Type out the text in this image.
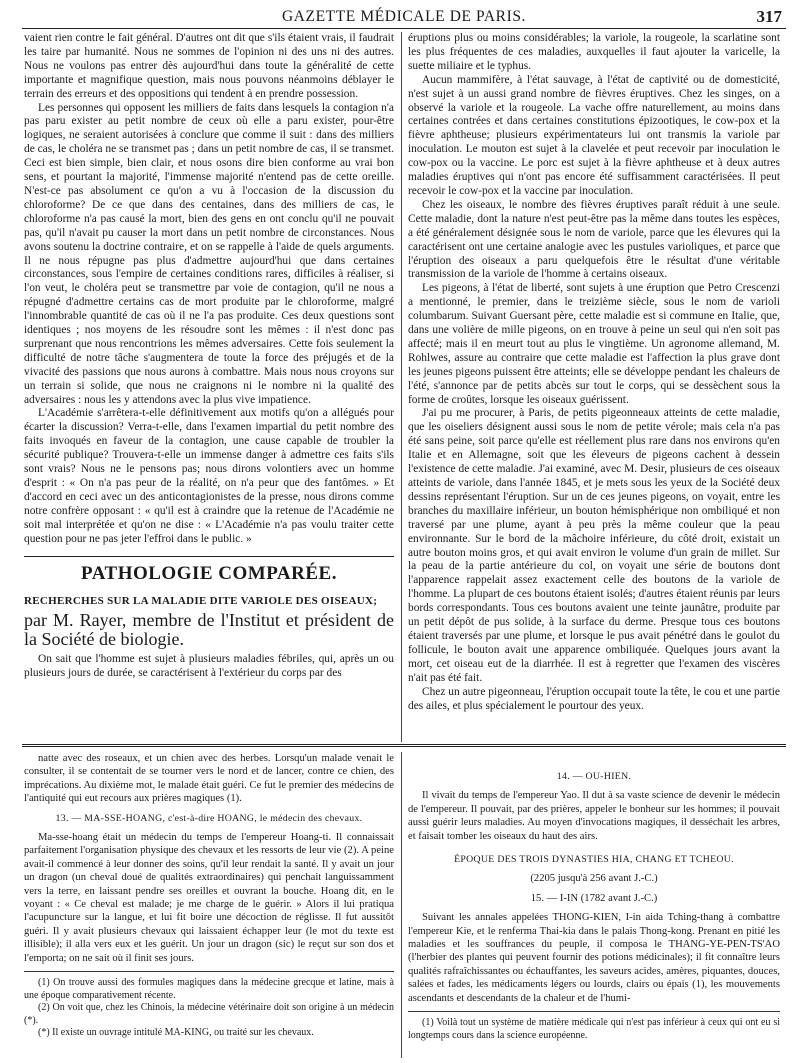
GAZETTE MÉDICALE DE PARIS.	317

vaient rien contre le fait général. D'autres ont dit que s'ils étaient vrais, il faudrait les taire par humanité. Nous ne sommes de l'opinion ni des uns ni des autres. Nous ne voulons pas entrer dès aujourd'hui dans toute la généralité de cette importante et magnifique question, mais nous pouvons néanmoins déblayer le terrain des erreurs et des oppositions qui tendent à en prendre possession.

Les personnes qui opposent les milliers de faits dans lesquels la contagion n'a pas paru exister au petit nombre de ceux où elle a paru exister, pour-être logiques, ne seraient autorisées à conclure que comme il suit : dans des milliers de cas, le choléra ne se transmet pas ; dans un petit nombre de cas, il se transmet. Ceci est bien simple, bien clair, et nous osons dire bien conforme au vrai bon sens, et pourtant la majorité, l'immense majorité n'entend pas de cette oreille. N'est-ce pas absolument ce qu'on a vu à l'occasion de la discussion du chloroforme? De ce que dans des centaines, dans des milliers de cas, le chloroforme n'a pas causé la mort, bien des gens en ont conclu qu'il ne pouvait pas, qu'il n'avait pu causer la mort dans un petit nombre de circonstances. Nous avons soutenu la doctrine contraire, et on se rappelle à l'aide de quels arguments. Il ne nous répugne pas plus d'admettre aujourd'hui que dans certaines circonstances, sous l'empire de certaines conditions rares, difficiles à réaliser, si l'on veut, le choléra peut se transmettre par voie de contagion, qu'il ne nous a répugné d'admettre certains cas de mort produite par le chloroforme, malgré l'innombrable quantité de cas où il ne l'a pas produite. Ces deux questions sont identiques ; nos moyens de les résoudre sont les mêmes : il n'est donc pas surprenant que nous rencontrions les mêmes adversaires. Cette fois seulement la difficulté de notre tâche s'augmentera de toute la force des préjugés et de la vivacité des passions que nous aurons à combattre. Mais nous nous croyons sur un terrain si solide, que nous ne craignons ni le nombre ni la qualité des adversaires : nous les y attendons avec la plus vive impatience.

L'Académie s'arrêtera-t-elle définitivement aux motifs qu'on a allégués pour écarter la discussion? Verra-t-elle, dans l'examen impartial du petit nombre des faits invoqués en faveur de la contagion, une cause capable de troubler la sécurité publique? Trouvera-t-elle un immense danger à admettre ces faits s'ils sont vrais? Nous ne le pensons pas; nous dirons volontiers avec un homme d'esprit : « On n'a pas peur de la réalité, on n'a peur que des fantômes. » Et d'accord en ceci avec un des anticontagionistes de la presse, nous dirons comme notre confrère opposant : « qu'il est à craindre que la retenue de l'Académie ne soit mal interprétée et qu'on ne dise : « L'Académie n'a pas voulu traiter cette question pour ne pas jeter l'effroi dans le public. »

PATHOLOGIE COMPARÉE.
RECHERCHES SUR LA MALADIE DITE VARIOLE DES OISEAUX;
par M. Rayer, membre de l'Institut et président de la Société de biologie.

On sait que l'homme est sujet à plusieurs maladies fébriles, qui, après un ou plusieurs jours de durée, se caractérisent à l'extérieur du corps par des

éruptions plus ou moins considérables; la variole, la rougeole, la scarlatine sont les plus fréquentes de ces maladies, auxquelles il faut ajouter la varicelle, la suette miliaire et le typhus.

Aucun mammifère, à l'état sauvage, à l'état de captivité ou de domesticité, n'est sujet à un aussi grand nombre de fièvres éruptives. Chez les singes, on a observé la variole et la rougeole. La vache offre naturellement, au moins dans certaines contrées et dans certaines constitutions épizootiques, le cow-pox et la fièvre aphtheuse; plusieurs expérimentateurs lui ont transmis la variole par inoculation. Le mouton est sujet à la clavelée et peut recevoir par inoculation le cow-pox ou la vaccine. Le porc est sujet à la fièvre aphtheuse et à deux autres maladies éruptives qui n'ont pas encore été suffisamment caractérisées. Il peut recevoir le cow-pox et la vaccine par inoculation.

Chez les oiseaux, le nombre des fièvres éruptives paraît réduit à une seule. Cette maladie, dont la nature n'est peut-être pas la même dans toutes les espèces, a été généralement désignée sous le nom de variole, parce que les élevures qui la caractérisent ont une certaine analogie avec les pustules varioliques, et parce que l'éruption des oiseaux a paru quelquefois être le résultat d'une véritable transmission de la variole de l'homme à certains oiseaux.

Les pigeons, à l'état de liberté, sont sujets à une éruption que Petro Crescenzi a mentionné, le premier, dans le treizième siècle, sous le nom de varioli columbarum. Suivant Guersant père, cette maladie est si commune en Italie, que, dans une volière de mille pigeons, on en trouve à peine un seul qui n'en soit pas affecté; mais il en meurt tout au plus le vingtième. Un agronome allemand, M. Rohlwes, assure au contraire que cette maladie est l'affection la plus grave dont les jeunes pigeons puissent être atteints; elle se développe pendant les chaleurs de l'été, s'annonce par de petits abcès sur tout le corps, qui se dessèchent sous la forme de croûtes, lorsque les oiseaux guérissent.

J'ai pu me procurer, à Paris, de petits pigeonneaux atteints de cette maladie, que les oiseliers désignent aussi sous le nom de petite vérole; mais cela n'a pas été sans peine, soit parce qu'elle est réellement plus rare dans nos environs qu'en Italie et en Allemagne, soit que les éleveurs de pigeons cachent à dessein l'existence de cette maladie. J'ai examiné, avec M. Desir, plusieurs de ces oiseaux atteints de variole, dans l'année 1845, et je mets sous les yeux de la Société deux dessins représentant l'éruption. Sur un de ces jeunes pigeons, on voyait, entre les branches du maxillaire inférieur, un bouton hémisphérique non ombiliqué et non traversé par une plume, ayant à peu près la même couleur que la peau environnante. Sur le bord de la mâchoire inférieure, du côté droit, existait un autre bouton moins gros, et qui avait environ le volume d'un grain de millet. Sur la peau de la partie antérieure du col, on voyait une série de boutons dont l'apparence rappelait assez exactement celle des boutons de la variole de l'homme. La plupart de ces boutons étaient isolés; d'autres étaient réunis par leurs bords correspondants. Tous ces boutons avaient une teinte jaunâtre, produite par un petit dépôt de pus solide, à la surface du derme. Presque tous ces boutons étaient traversés par une plume, et lorsque le pus avait pénétré dans le goulot du follicule, le bouton avait une apparence ombiliquée. Quelques jours avant la mort, cet oiseau eut de la diarrhée. Il est à regretter que l'examen des viscères n'ait pas été fait.

Chez un autre pigeonneau, l'éruption occupait toute la tête, le cou et une partie des ailes, et plus spécialement le pourtour des yeux.

natte avec des roseaux, et un chien avec des herbes. Lorsqu'un malade venait le consulter, il se contentait de se tourner vers le nord et de lancer, contre ce chien, des imprécations. Au dixième mot, le malade était guéri. Ce fut le premier des médecins de l'antiquité qui eut recours aux prières magiques (1).

13. — MA-SSE-HOANG, c'est-à-dire HOANG, le médecin des chevaux.

Ma-sse-hoang était un médecin du temps de l'empereur Hoang-ti. Il connaissait parfaitement l'organisation physique des chevaux et les ressorts de leur vie (2). A peine avait-il commencé à leur donner des soins, qu'il leur rendait la santé. Il y avait un jour un dragon (un cheval doué de qualités extraordinaires) qui penchait languissamment vers la terre, en laissant pendre ses oreilles et ouvrant la bouche. Hoang dit, en le voyant : « Ce cheval est malade; je me charge de le guérir. » Alors il lui pratiqua l'acupuncture sur la langue, et lui fit boire une décoction de réglisse. Il fut aussitôt guéri. Il y avait plusieurs chevaux qui laissaient échapper leur (le mot du texte est illisible); il alla vers eux et les guérit. Un jour un dragon (sic) le reçut sur son dos et l'emporta; on ne sait où il finit ses jours.

(1) On trouve aussi des formules magiques dans la médecine grecque et latine, mais à une époque comparativement récente.

(2) On voit que, chez les Chinois, la médecine vétérinaire doit son origine à un médecin (*).

(*) Il existe un ouvrage intitulé MA-KING, ou traité sur les chevaux.

14. — OU-HIEN.

Il vivait du temps de l'empereur Yao. Il dut à sa vaste science de devenir le médecin de l'empereur. Il pouvait, par des prières, appeler le bonheur sur les hommes; il pouvait aussi guérir leurs maladies. Au moyen d'invocations magiques, il desséchait les arbres, et faisait tomber les oiseaux du haut des airs.

ÉPOQUE DES TROIS DYNASTIES HIA, CHANG ET TCHEOU.
(2205 jusqu'à 256 avant J.-C.)
15. — I-IN (1782 avant J.-C.)

Suivant les annales appelées THONG-KIEN, I-in aida Tching-thang à combattre l'empereur Kie, et le renferma Thai-kia dans le palais Thong-kong. Prenant en pitié les maladies et les souffrances du peuple, il composa le THANG-YE-PEN-TS'AO (l'herbier des plantes qui peuvent fournir des potions médicinales); il fit connaître leurs qualités rafraîchissantes ou échauffantes, les saveurs acides, amères, piquantes, douces, salées et fades, les médicaments légers ou lourds, clairs ou épais (1), les mouvements ascendants et descendants de la chaleur et de l'humi-

(1) Voilà tout un système de matière médicale qui n'est pas inférieur à ceux qui ont eu si longtemps cours dans la science européenne.
